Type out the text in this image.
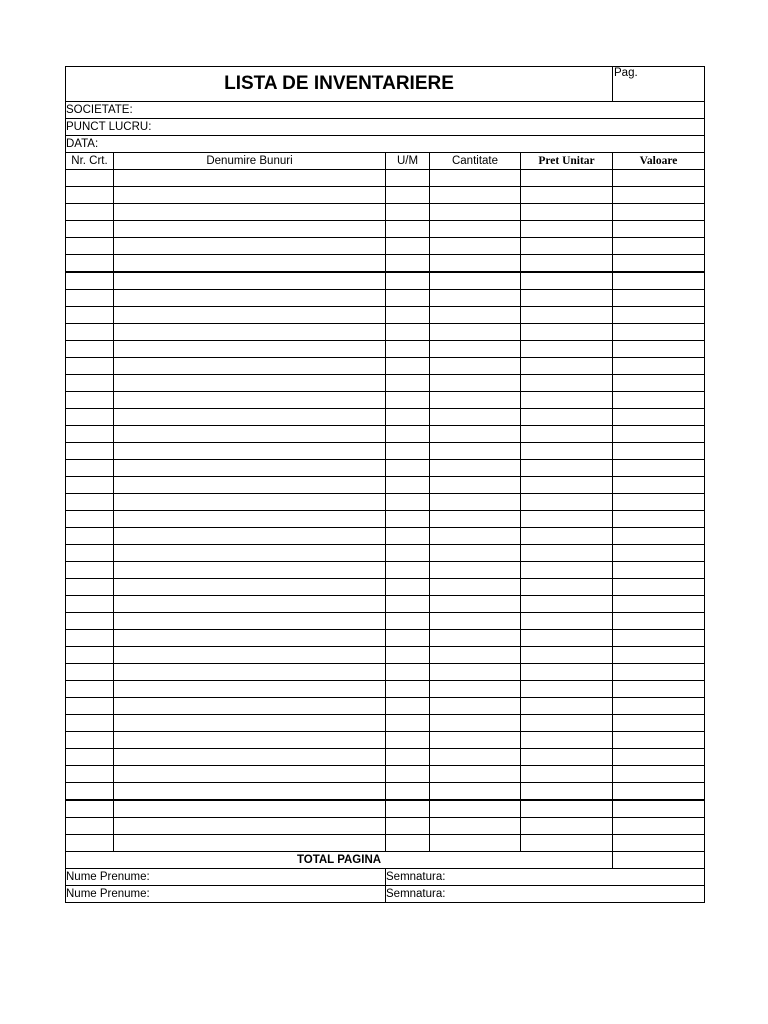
LISTA DE INVENTARIERE					Pag.
SOCIETATE:					
PUNCT LUCRU:					
DATA:					
Nr. Crt.	Denumire Bunuri	U/M	Cantitate	Pret Unitar	Valoare

TOTAL PAGINA					
Nume Prenume:		Semnatura:			
Nume Prenume:		Semnatura:			
